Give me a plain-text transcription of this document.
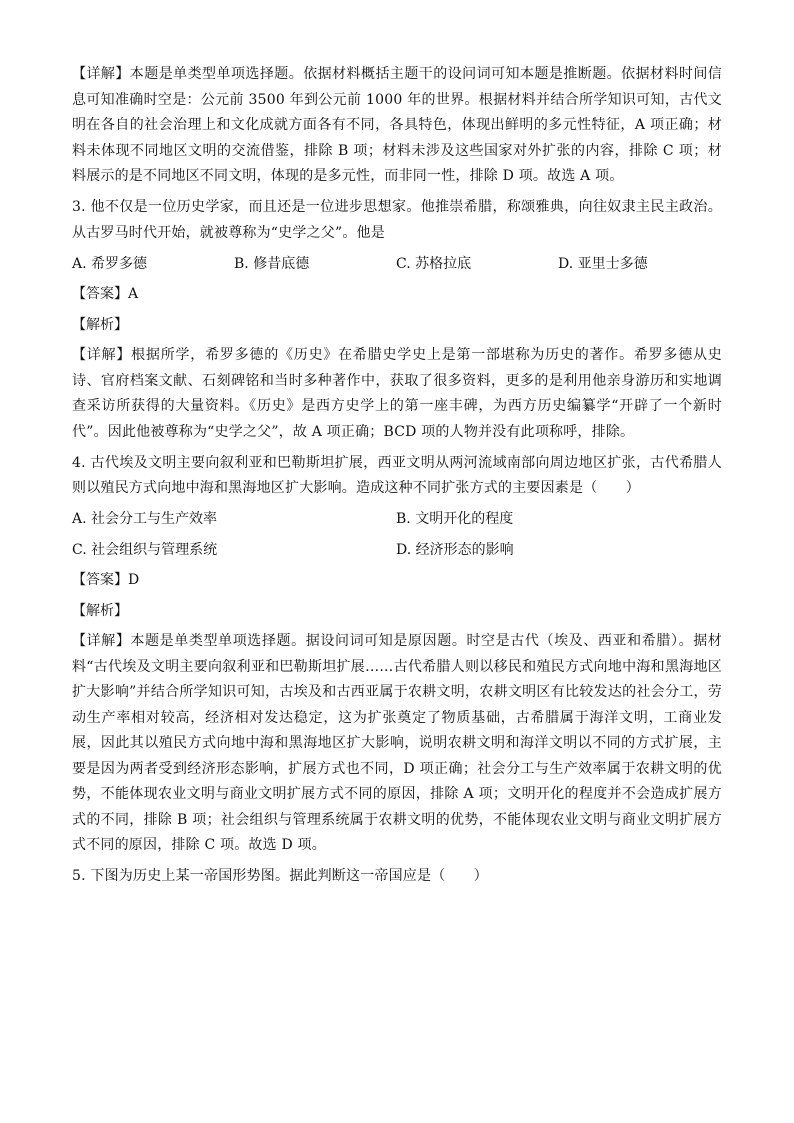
【详解】本题是单类型单项选择题。依据材料概括主题干的设问词可知本题是推断题。依据材料时间信息可知准确时空是：公元前 3500 年到公元前 1000 年的世界。根据材料并结合所学知识可知，古代文明在各自的社会治理上和文化成就方面各有不同，各具特色，体现出鲜明的多元性特征，A 项正确；材料未体现不同地区文明的交流借鉴，排除 B 项；材料未涉及这些国家对外扩张的内容，排除 C 项；材料展示的是不同地区不同文明，体现的是多元性，而非同一性，排除 D 项。故选 A 项。

3. 他不仅是一位历史学家，而且还是一位进步思想家。他推崇希腊，称颂雅典，向往奴隶主民主政治。从古罗马时代开始，就被尊称为“史学之父”。他是

A. 希罗多德	B. 修昔底德	C. 苏格拉底	D. 亚里士多德
【答案】A
【解析】

【详解】根据所学，希罗多德的《历史》在希腊史学史上是第一部堪称为历史的著作。希罗多德从史诗、官府档案文献、石刻碑铭和当时多种著作中，获取了很多资料，更多的是利用他亲身游历和实地调查采访所获得的大量资料。《历史》是西方史学上的第一座丰碑，为西方历史编纂学“开辟了一个新时代”。因此他被尊称为“史学之父”，故 A 项正确；BCD 项的人物并没有此项称呼，排除。

4. 古代埃及文明主要向叙利亚和巴勒斯坦扩展，西亚文明从两河流域南部向周边地区扩张，古代希腊人则以殖民方式向地中海和黑海地区扩大影响。造成这种不同扩张方式的主要因素是（　　）

A. 社会分工与生产效率	B. 文明开化的程度
C. 社会组织与管理系统	D. 经济形态的影响
【答案】D
【解析】

【详解】本题是单类型单项选择题。据设问词可知是原因题。时空是古代（埃及、西亚和希腊）。据材料“古代埃及文明主要向叙利亚和巴勒斯坦扩展……古代希腊人则以移民和殖民方式向地中海和黑海地区扩大影响”并结合所学知识可知，古埃及和古西亚属于农耕文明，农耕文明区有比较发达的社会分工，劳动生产率相对较高，经济相对发达稳定，这为扩张奠定了物质基础，古希腊属于海洋文明，工商业发展，因此其以殖民方式向地中海和黑海地区扩大影响，说明农耕文明和海洋文明以不同的方式扩展，主要是因为两者受到经济形态影响，扩展方式也不同，D 项正确；社会分工与生产效率属于农耕文明的优势，不能体现农业文明与商业文明扩展方式不同的原因，排除 A 项；文明开化的程度并不会造成扩展方式的不同，排除 B 项；社会组织与管理系统属于农耕文明的优势，不能体现农业文明与商业文明扩展方式不同的原因，排除 C 项。故选 D 项。

5. 下图为历史上某一帝国形势图。据此判断这一帝国应是（　　）
